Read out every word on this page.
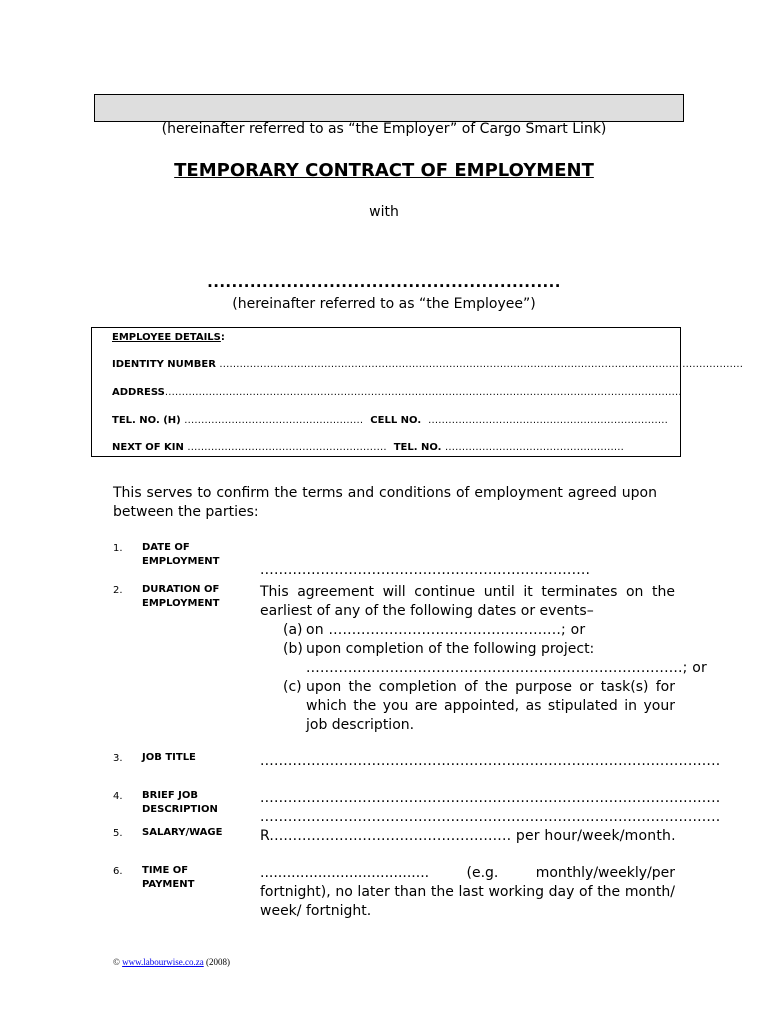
(hereinafter referred to as “the Employer” of Cargo Smart Link)
TEMPORARY CONTRACT OF EMPLOYMENT
with
..........................................................
(hereinafter referred to as “the Employee”)
EMPLOYEE DETAILS:
IDENTITY NUMBER ...........................................................................................................................................................
ADDRESS.........................................................................................................................................................
TEL. NO. (H) ..................................................... CELL NO. .......................................................................
NEXT OF KIN ........................................................... TEL. NO. .....................................................
This serves to confirm the terms and conditions of employment agreed upon between the parties:
1. DATE OF
EMPLOYMENT
.......................................................................
2. DURATION OF
EMPLOYMENT
This agreement will continue until it terminates on the earliest of any of the following dates or events–
(a) on ..................................................; or
(b) upon completion of the following project:
.................................................................................; or
(c) upon the completion of the purpose or task(s) for which the you are appointed, as stipulated in your job description.
3. JOB TITLE	...................................................................................................
4. BRIEF JOB
DESCRIPTION
...................................................................................................
...................................................................................................
5. SALARY/WAGE	R.................................................... per hour/week/month.
6. TIME OF
PAYMENT
...................................... (e.g. monthly/weekly/per fortnight), no later than the last working day of the month/ week/ fortnight.
© www.labourwise.co.za (2008)
